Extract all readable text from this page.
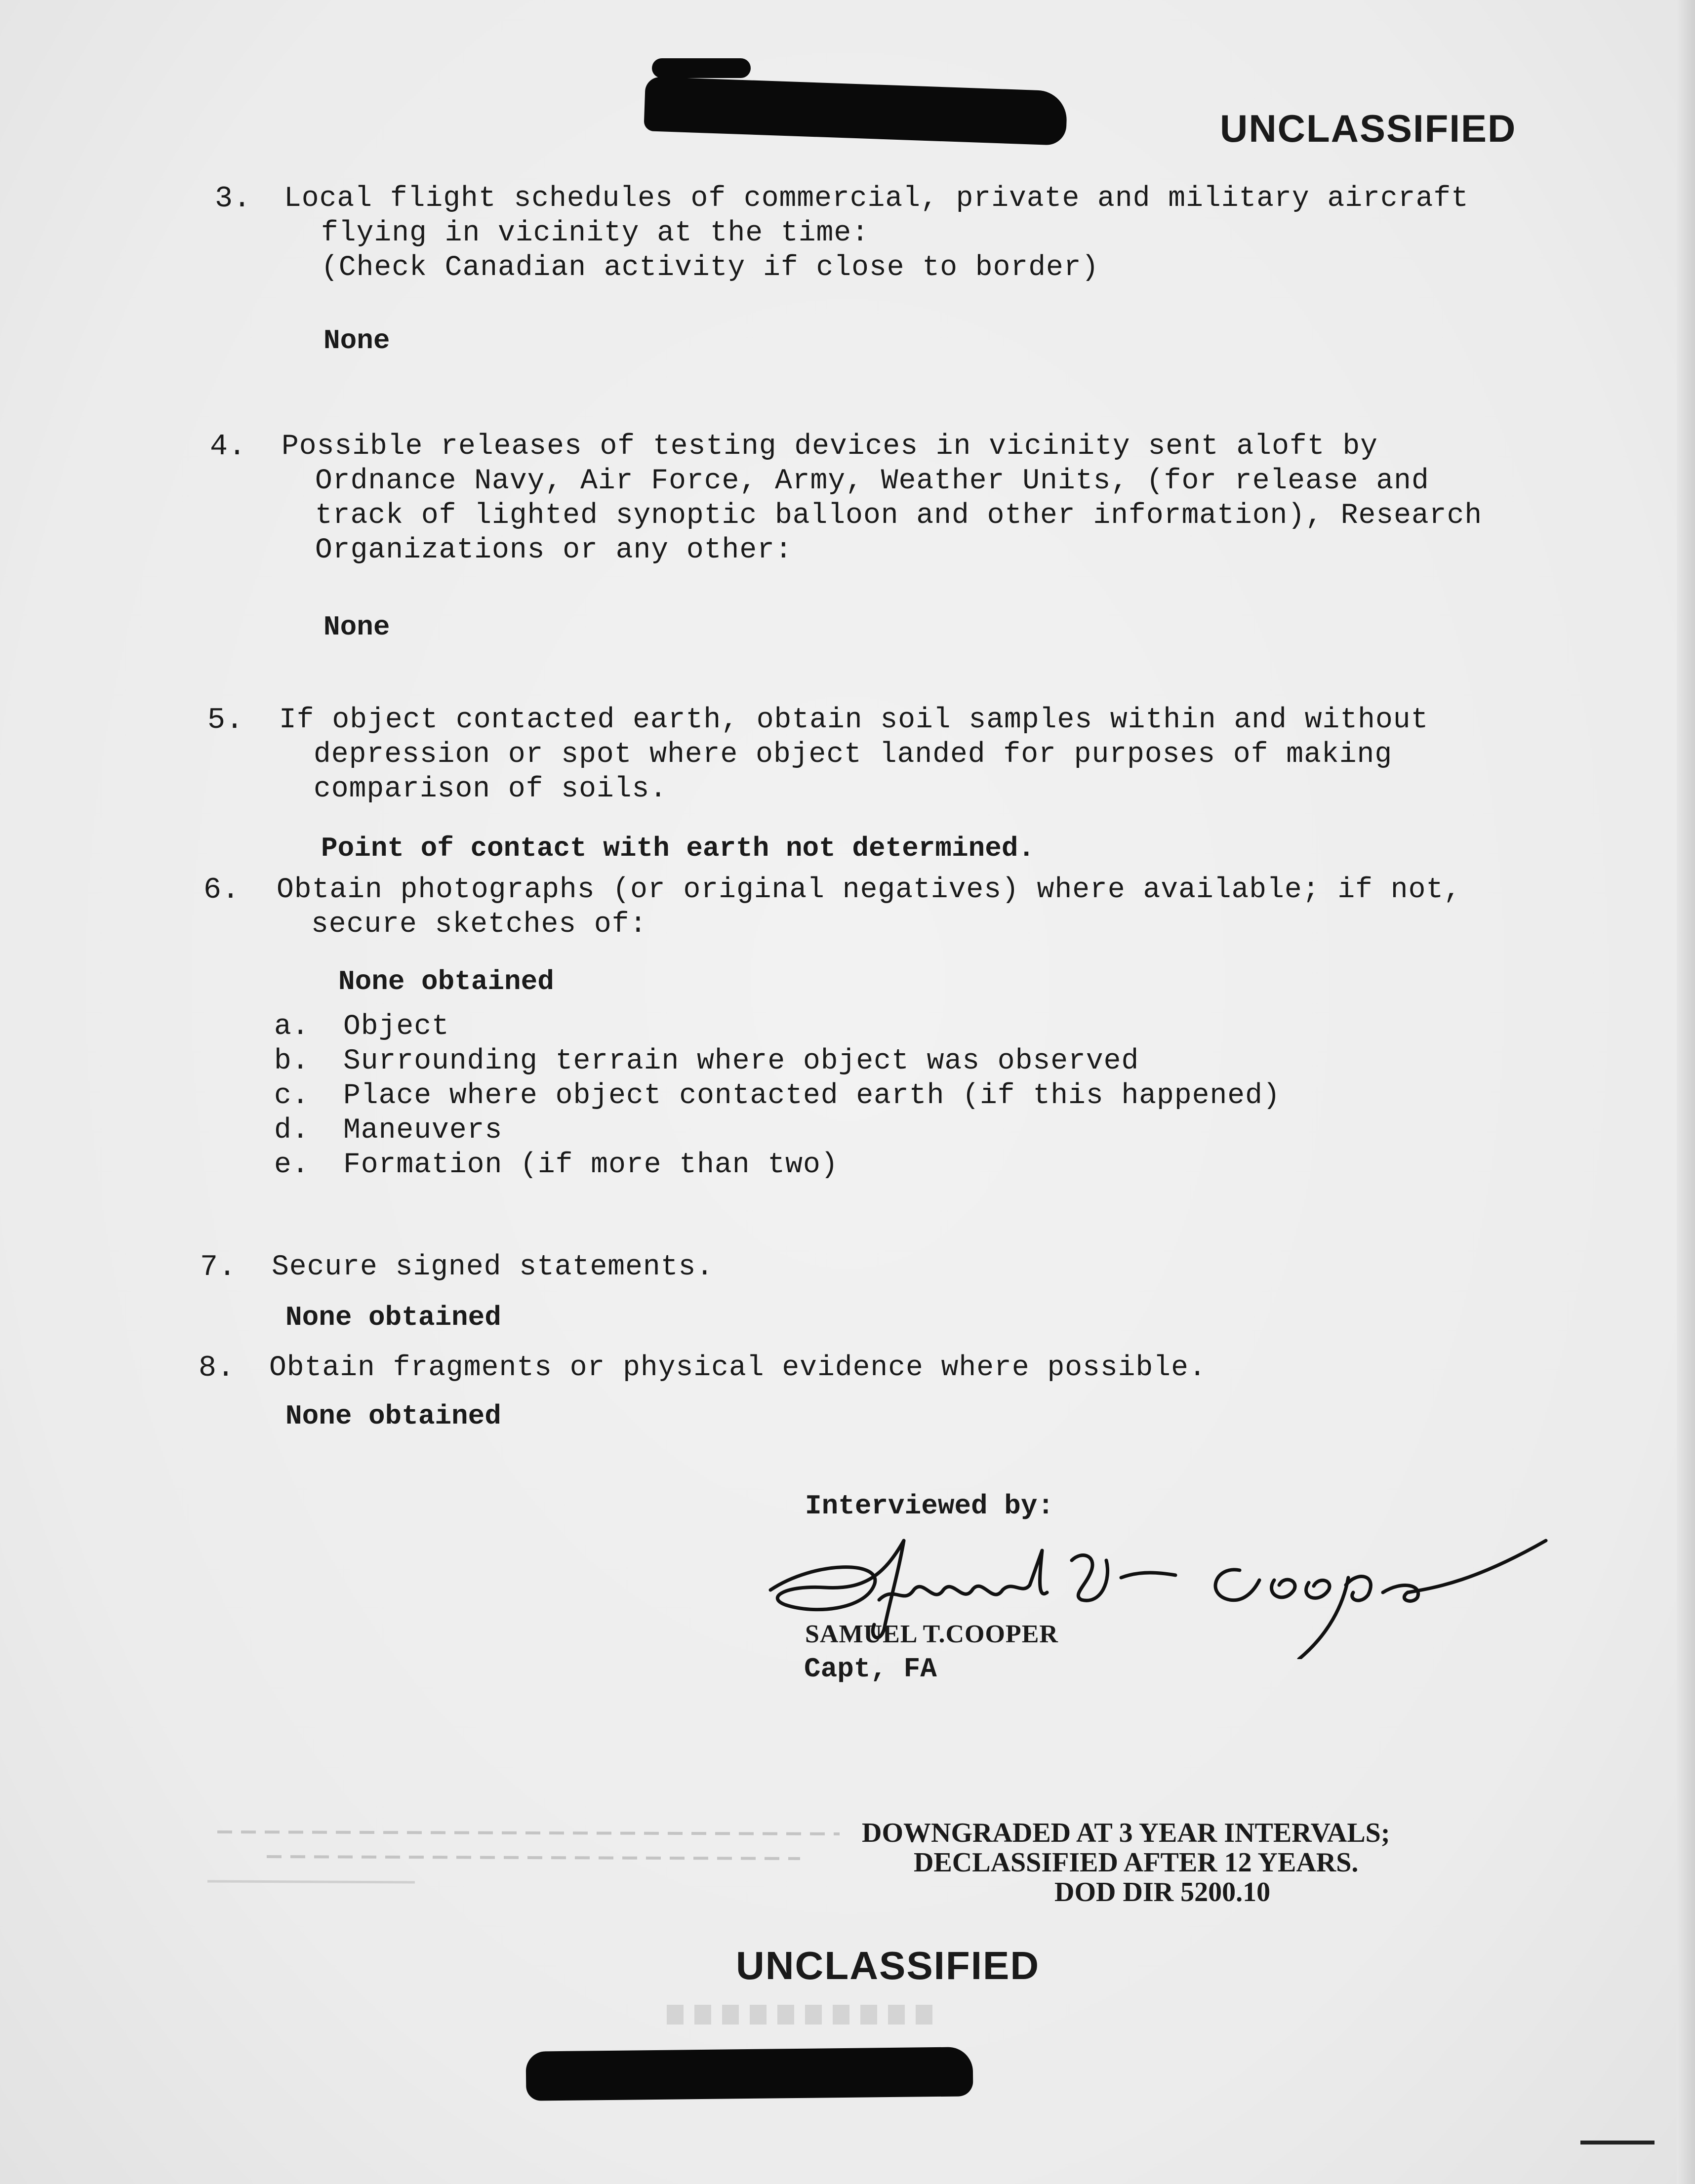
UNCLASSIFIED
3. Local flight schedules of commercial, private and military aircraft
flying in vicinity at the time:
(Check Canadian activity if close to border)
None
4. Possible releases of testing devices in vicinity sent aloft by
Ordnance Navy, Air Force, Army, Weather Units, (for release and
track of lighted synoptic balloon and other information), Research
Organizations or any other:
None
5. If object contacted earth, obtain soil samples within and without
depression or spot where object landed for purposes of making
comparison of soils.
Point of contact with earth not determined.
6. Obtain photographs (or original negatives) where available; if not,
secure sketches of:
None obtained
a. Object
b. Surrounding terrain where object was observed
c. Place where object contacted earth (if this happened)
d. Maneuvers
e. Formation (if more than two)
7. Secure signed statements.
None obtained
8. Obtain fragments or physical evidence where possible.
None obtained
Interviewed by:
SAMUEL T.COOPER
Capt, FA
DOWNGRADED AT 3 YEAR INTERVALS;
DECLASSIFIED AFTER 12 YEARS.
DOD DIR 5200.10
UNCLASSIFIED
